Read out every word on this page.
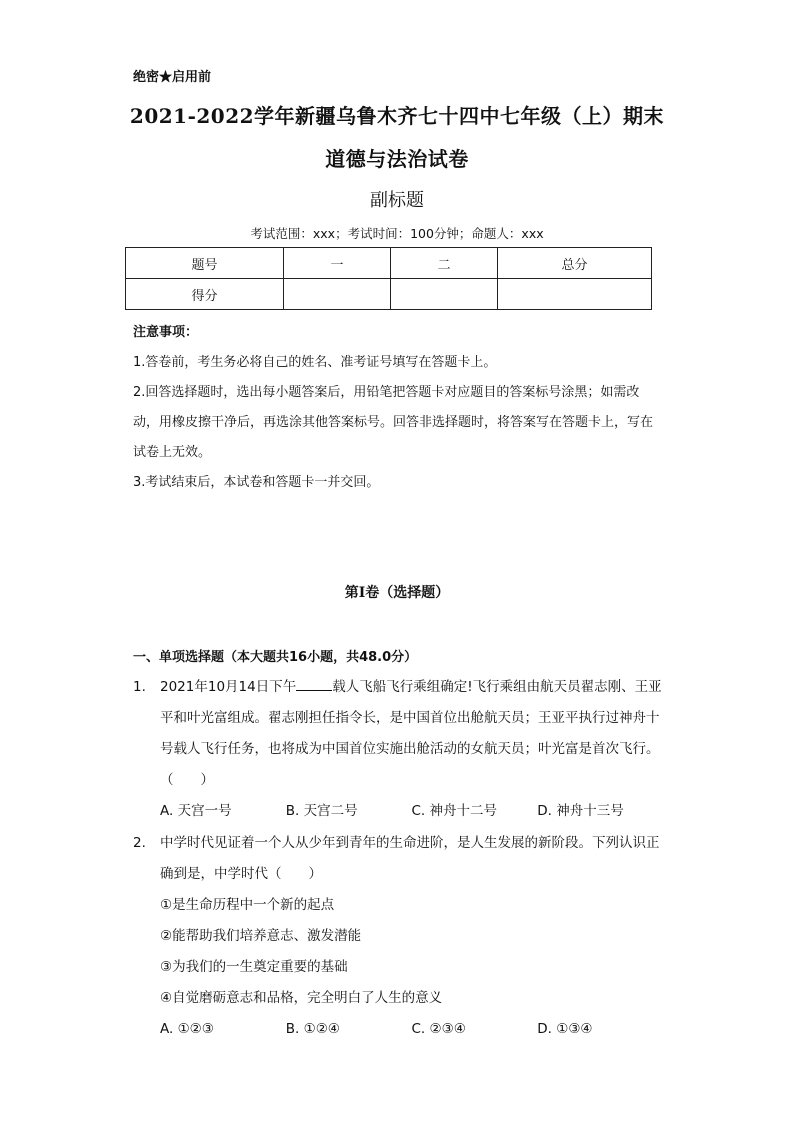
绝密★启用前
2021-2022学年新疆乌鲁木齐七十四中七年级（上）期末
道德与法治试卷
副标题
考试范围：xxx；考试时间：100分钟；命题人：xxx
题号	一	二	总分
得分			

注意事项：

1.答卷前，考生务必将自己的姓名、准考证号填写在答题卡上。

2.回答选择题时，选出每小题答案后，用铅笔把答题卡对应题目的答案标号涂黑；如需改动，用橡皮擦干净后，再选涂其他答案标号。回答非选择题时，将答案写在答题卡上，写在试卷上无效。

3.考试结束后，本试卷和答题卡一并交回。

第I卷（选择题）
一、单项选择题（本大题共16小题，共48.0分）
1.	2021年10月14日下午	载人飞船飞行乘组确定!飞行乘组由航天员翟志刚、王亚平和叶光富组成。翟志刚担任指令长，是中国首位出舱航天员；王亚平执行过神舟十号载人飞行任务，也将成为中国首位实施出舱活动的女航天员；叶光富是首次飞行。（　　）
A. 天宫一号	B. 天宫二号	C. 神舟十二号	D. 神舟十三号
2.	中学时代见证着一个人从少年到青年的生命进阶，是人生发展的新阶段。下列认识正确到是，中学时代（　　）
①是生命历程中一个新的起点
②能帮助我们培养意志、激发潜能
③为我们的一生奠定重要的基础
④自觉磨砺意志和品格，完全明白了人生的意义
A. ①②③	B. ①②④	C. ②③④	D. ①③④
